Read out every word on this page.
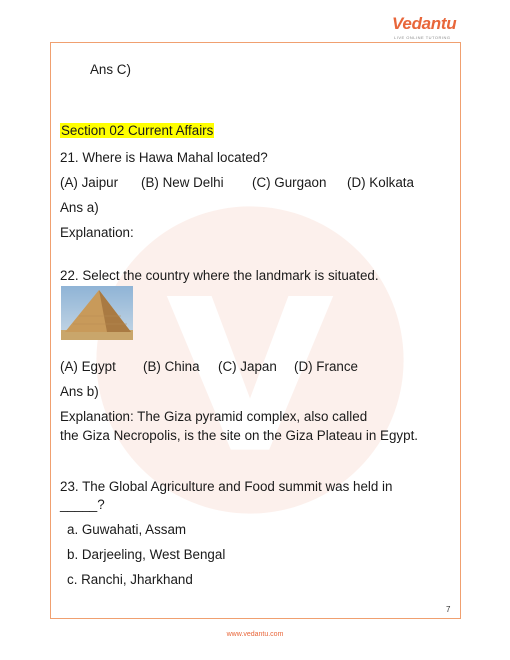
Vedantu
LIVE ONLINE TUTORING
Ans C)
Section 02 Current Affairs
21. Where is Hawa Mahal located?
(A) Jaipur (B) New Delhi (C) Gurgaon (D) Kolkata
Ans a)
Explanation:
22. Select the country where the landmark is situated.
(A) Egypt (B) China (C) Japan (D) France
Ans b)
Explanation: The Giza pyramid complex, also called
the Giza Necropolis, is the site on the Giza Plateau in Egypt.
23. The Global Agriculture and Food summit was held in
_____?
a. Guwahati, Assam
b. Darjeeling, West Bengal
c. Ranchi, Jharkhand
7
www.vedantu.com
